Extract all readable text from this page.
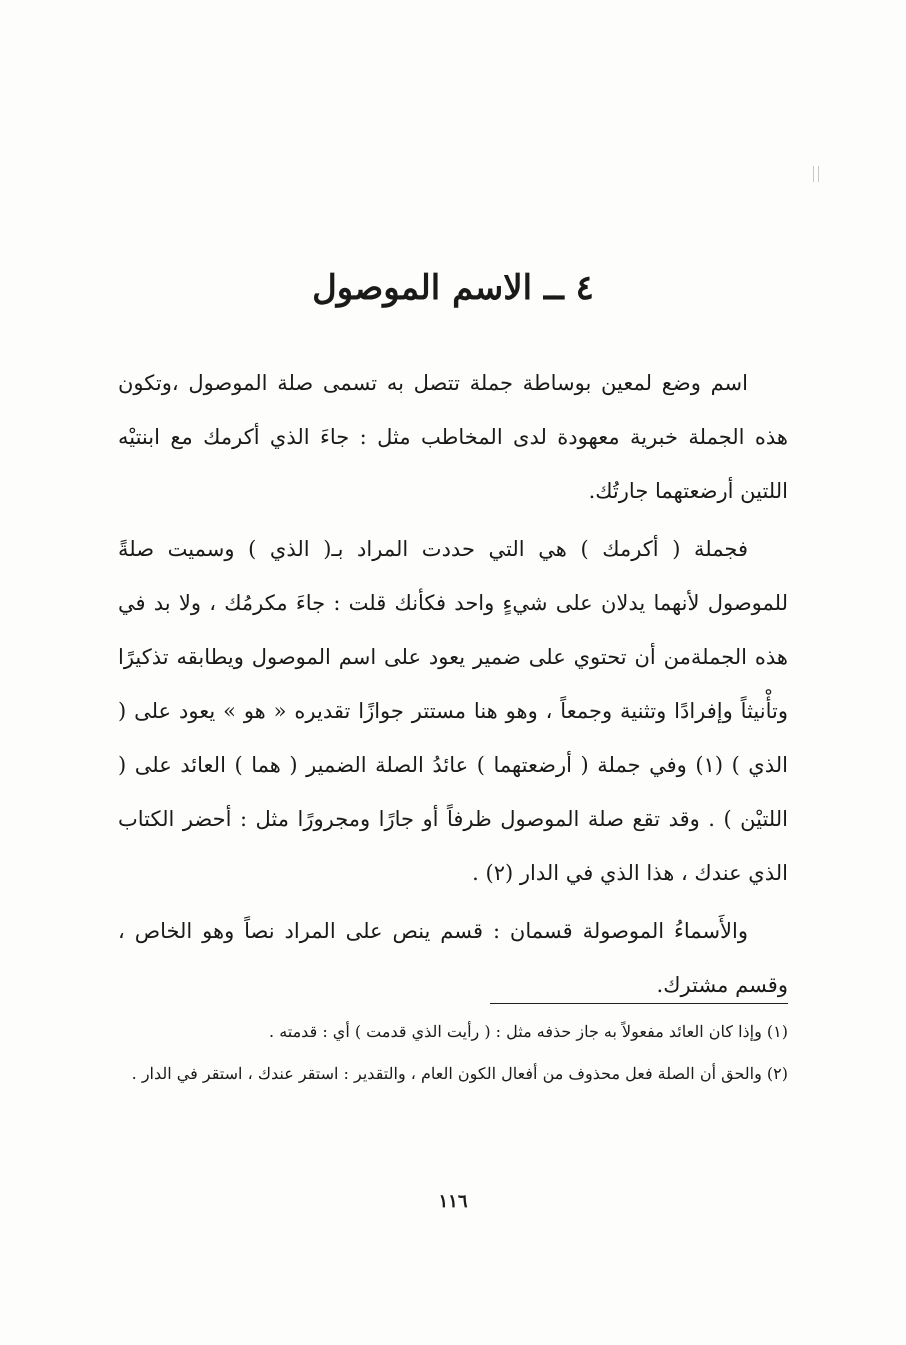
٤ ــ الاسم الموصول

اسم وضع لمعين بوساطة جملة تتصل به تسمى صلة الموصول ،وتكون هذه الجملة خبرية معهودة لدى المخاطب مثل : جاءَ الذي أكرمك مع ابنتيْه اللتين أرضعتهما جارتُك.

فجملة ( أكرمك ) هي التي حددت المراد بـ( الذي ) وسميت صلةً للموصول لأنهما يدلان على شيءٍ واحد فكأنك قلت : جاءَ مكرمُك ، ولا بد في هذه الجملةمن أن تحتوي على ضمير يعود على اسم الموصول ويطابقه تذكيرًا وتأْنيثاً وإفرادًا وتثنية وجمعاً ، وهو هنا مستتر جوازًا تقديره « هو » يعود على ( الذي ) (١) وفي جملة ( أرضعتهما ) عائدُ الصلة الضمير ( هما ) العائد على ( اللتيْن ) . وقد تقع صلة الموصول ظرفاً أو جارًا ومجرورًا مثل : أحضر الكتاب الذي عندك ، هذا الذي في الدار (٢) .

والأَسماءُ الموصولة قسمان : قسم ينص على المراد نصاً وهو الخاص ، وقسم مشترك.

(١) وإذا كان العائد مفعولاً به جاز حذفه مثل : ( رأيت الذي قدمت ) أي : قدمته .

(٢) والحق أن الصلة فعل محذوف من أفعال الكون العام ، والتقدير : استقر عندك ، استقر في الدار .

١١٦
